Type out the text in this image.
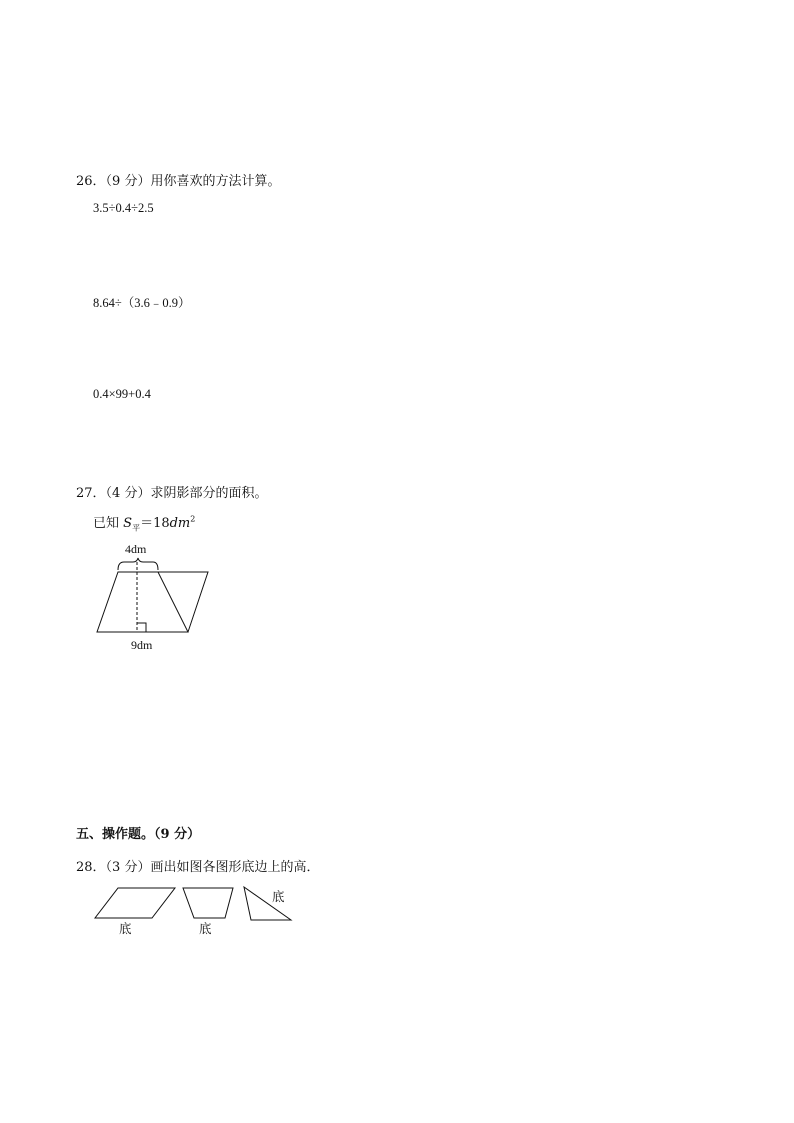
26．（9 分）用你喜欢的方法计算。
3.5÷0.4÷2.5
8.64÷（3.6﹣0.9）
0.4×99+0.4
27．（4 分）求阴影部分的面积。
已知 $S_平=18dm^2$
4dm
9dm
五、操作题。（9 分）
28．（3 分）画出如图各图形底边上的高．
底	底
底
